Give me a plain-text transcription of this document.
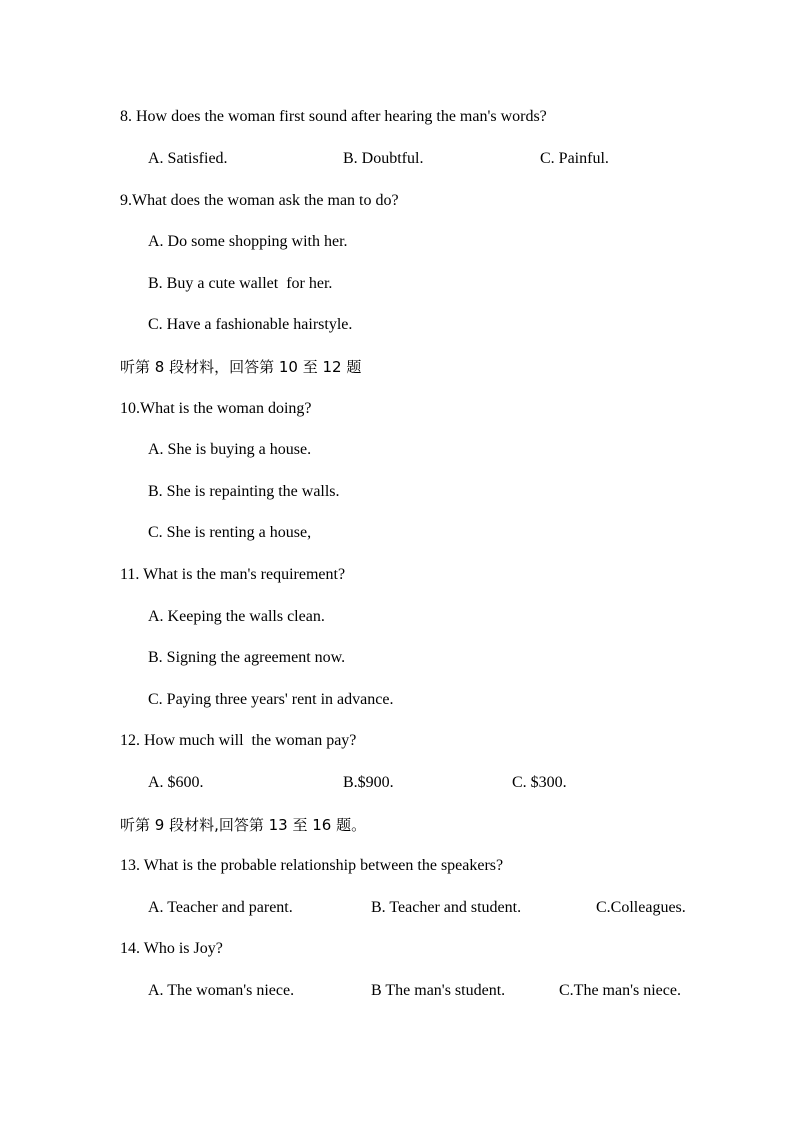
8. How does the woman first sound after hearing the man's words?
A. Satisfied.	B. Doubtful.	C. Painful.
9.What does the woman ask the man to do?
A. Do some shopping with her.
B. Buy a cute wallet  for her.
C. Have a fashionable hairstyle.
听第 8 段材料，回答第 10 至 12 题
10.What is the woman doing?
A. She is buying a house.
B. She is repainting the walls.
C. She is renting a house,
11. What is the man's requirement?
A. Keeping the walls clean.
B. Signing the agreement now.
C. Paying three years' rent in advance.
12. How much will  the woman pay?
A. $600.	B.$900.	C. $300.
听第 9 段材料,回答第 13 至 16 题。
13. What is the probable relationship between the speakers?
A. Teacher and parent.	B. Teacher and student.	C.Colleagues.
14. Who is Joy?
A. The woman's niece.	B The man's student.	C.The man's niece.
